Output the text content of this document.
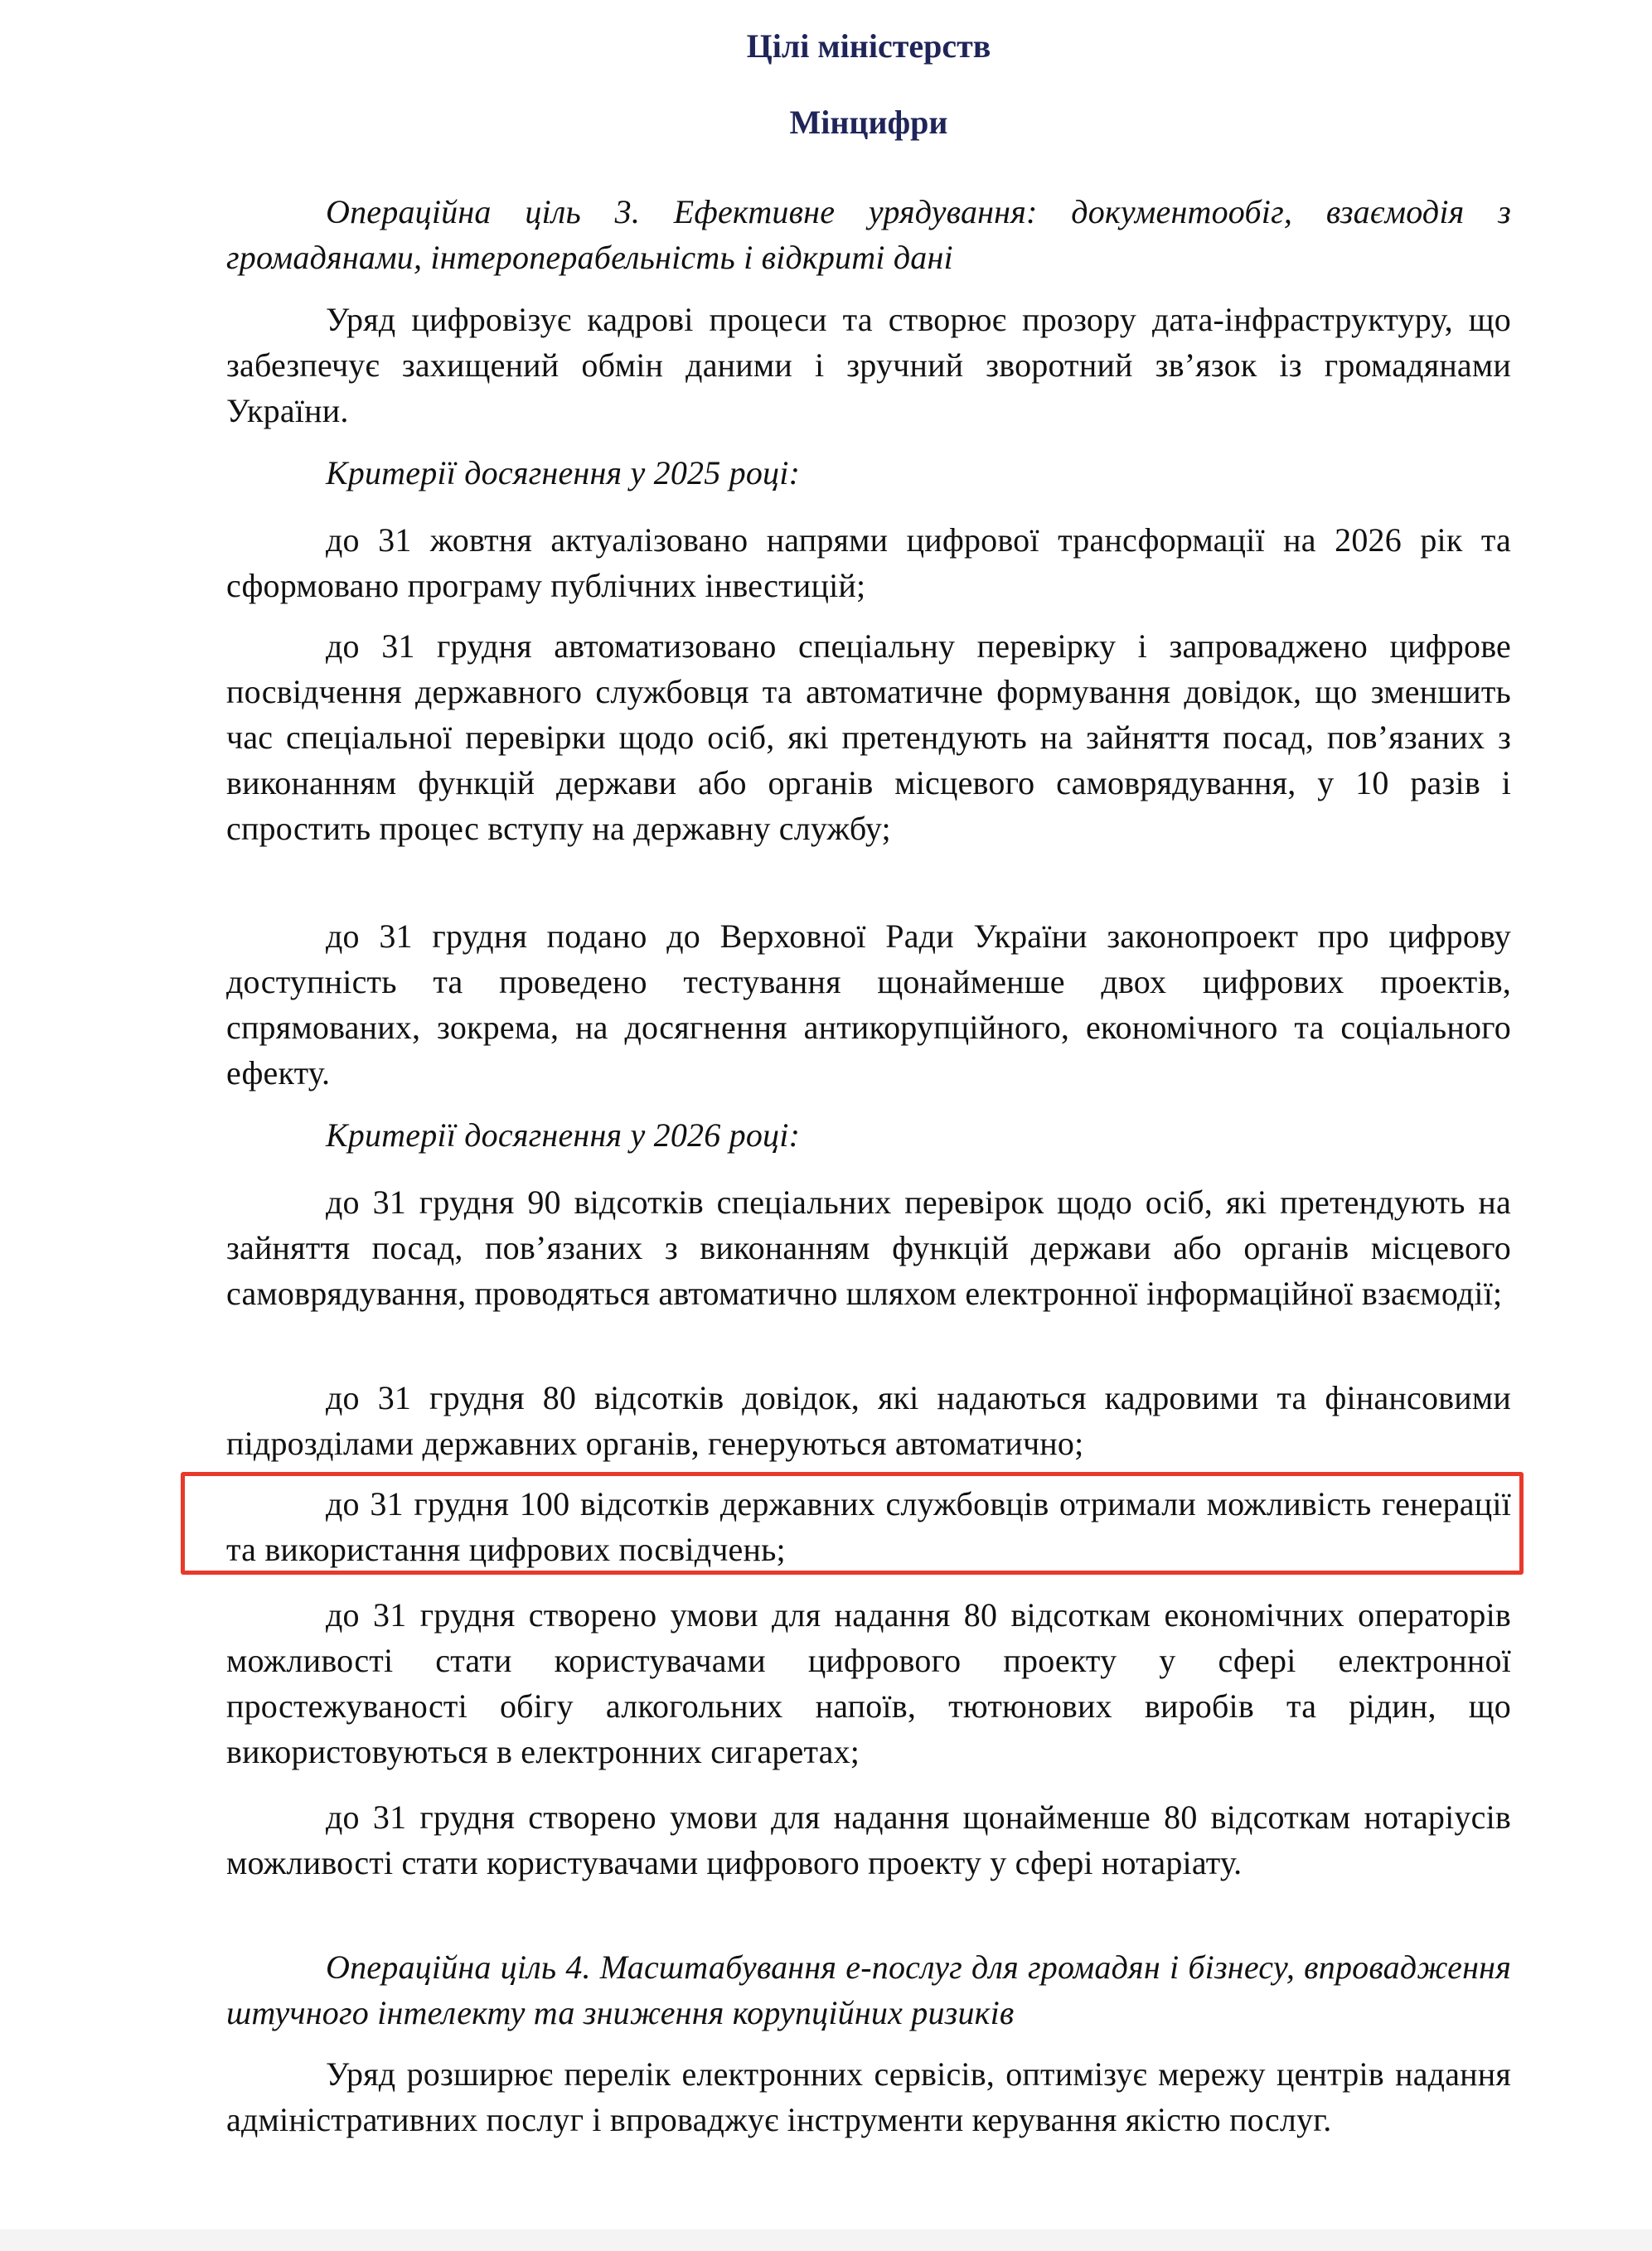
Цілі міністерств
Мінцифри

Операційна ціль 3. Ефективне урядування: документообіг, взаємодія з громадянами, інтероперабельність і відкриті дані

Уряд цифровізує кадрові процеси та створює прозору дата-інфраструктуру, що забезпечує захищений обмін даними і зручний зворотний зв’язок із громадянами України.

Критерії досягнення у 2025 році:

до 31 жовтня актуалізовано напрями цифрової трансформації на 2026 рік та сформовано програму публічних інвестицій;

до 31 грудня автоматизовано спеціальну перевірку і запроваджено цифрове посвідчення державного службовця та автоматичне формування довідок, що зменшить час спеціальної перевірки щодо осіб, які претендують на зайняття посад, пов’язаних з виконанням функцій держави або органів місцевого самоврядування, у 10 разів і спростить процес вступу на державну службу;

до 31 грудня подано до Верховної Ради України законопроект про цифрову доступність та проведено тестування щонайменше двох цифрових проектів, спрямованих, зокрема, на досягнення антикорупційного, економічного та соціального ефекту.

Критерії досягнення у 2026 році:

до 31 грудня 90 відсотків спеціальних перевірок щодо осіб, які претендують на зайняття посад, пов’язаних з виконанням функцій держави або органів місцевого самоврядування, проводяться автоматично шляхом електронної інформаційної взаємодії;

до 31 грудня 80 відсотків довідок, які надаються кадровими та фінансовими підрозділами державних органів, генеруються автоматично;

до 31 грудня 100 відсотків державних службовців отримали можливість генерації та використання цифрових посвідчень;

до 31 грудня створено умови для надання 80 відсоткам економічних операторів можливості стати користувачами цифрового проекту у сфері електронної простежуваності обігу алкогольних напоїв, тютюнових виробів та рідин, що використовуються в електронних сигаретах;

до 31 грудня створено умови для надання щонайменше 80 відсоткам нотаріусів можливості стати користувачами цифрового проекту у сфері нотаріату.

Операційна ціль 4. Масштабування е-послуг для громадян і бізнесу, впровадження штучного інтелекту та зниження корупційних ризиків

Уряд розширює перелік електронних сервісів, оптимізує мережу центрів надання адміністративних послуг і впроваджує інструменти керування якістю послуг.
